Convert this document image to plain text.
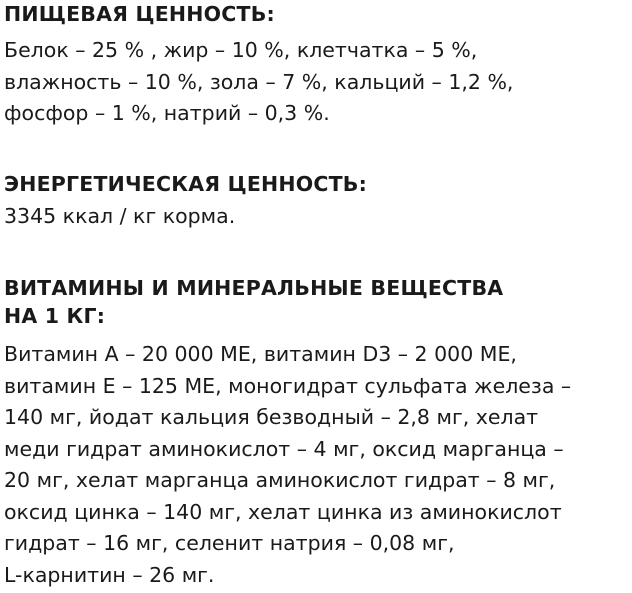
ПИЩЕВАЯ ЦЕННОСТЬ:

Белок – 25 % , жир – 10 %, клетчатка – 5 %,

влажность – 10 %, зола – 7 %, кальций – 1,2 %,

фосфор – 1 %, натрий – 0,3 %.

ЭНЕРГЕТИЧЕСКАЯ ЦЕННОСТЬ:

3345 ккал / кг корма.

ВИТАМИНЫ И МИНЕРАЛЬНЫЕ ВЕЩЕСТВА
НА 1 КГ:

Витамин А – 20 000 МЕ, витамин D3 – 2 000 МЕ,

витамин Е – 125 МЕ, моногидрат сульфата железа –

140 мг, йодат кальция безводный – 2,8 мг, хелат

меди гидрат аминокислот – 4 мг, оксид марганца –

20 мг, хелат марганца аминокислот гидрат – 8 мг,

оксид цинка – 140 мг, хелат цинка из аминокислот

гидрат – 16 мг, селенит натрия – 0,08 мг,

L-карнитин – 26 мг.
